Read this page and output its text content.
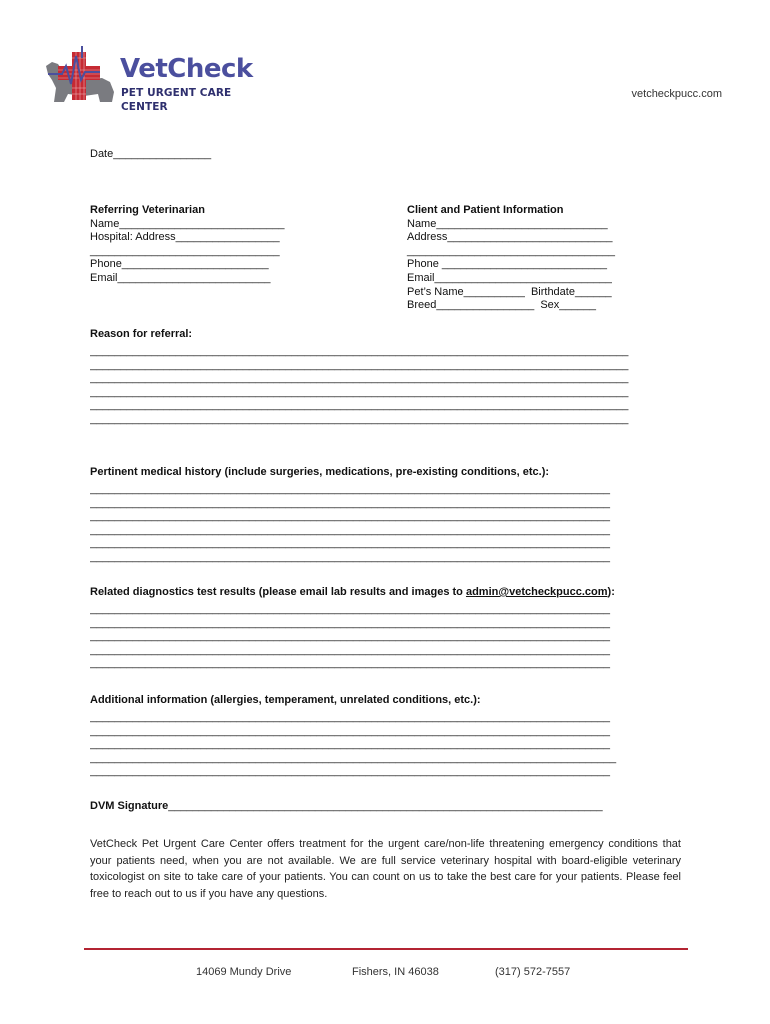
VetCheck
PET URGENT CARE CENTER
vetcheckpucc.com
Date________________
Referring Veterinarian
Name___________________________
Hospital: Address_________________
_______________________________
Phone________________________
Email_________________________
Client and Patient Information
Name____________________________
Address___________________________
__________________________________
Phone ___________________________
Email_____________________________
Pet’s Name__________  Birthdate______
Breed________________  Sex______
Reason for referral:
________________________________________________________________________________________
________________________________________________________________________________________
________________________________________________________________________________________
________________________________________________________________________________________
________________________________________________________________________________________
________________________________________________________________________________________
Pertinent medical history (include surgeries, medications, pre-existing conditions, etc.):
_____________________________________________________________________________________
_____________________________________________________________________________________
_____________________________________________________________________________________
_____________________________________________________________________________________
_____________________________________________________________________________________
_____________________________________________________________________________________
Related diagnostics test results (please email lab results and images to admin@vetcheckpucc.com):
_____________________________________________________________________________________
_____________________________________________________________________________________
_____________________________________________________________________________________
_____________________________________________________________________________________
_____________________________________________________________________________________
Additional information (allergies, temperament, unrelated conditions, etc.):
_____________________________________________________________________________________
_____________________________________________________________________________________
_____________________________________________________________________________________
______________________________________________________________________________________
_____________________________________________________________________________________
DVM Signature_______________________________________________________________________
VetCheck Pet Urgent Care Center offers treatment for the urgent care/non-life threatening emergency conditions that your patients need, when you are not available. We are full service veterinary hospital with board-eligible veterinary toxicologist on site to take care of your patients. You can count on us to take the best care for your patients. Please feel free to reach out to us if you have any questions.
14069 Mundy Drive	Fishers, IN 46038	(317) 572-7557
